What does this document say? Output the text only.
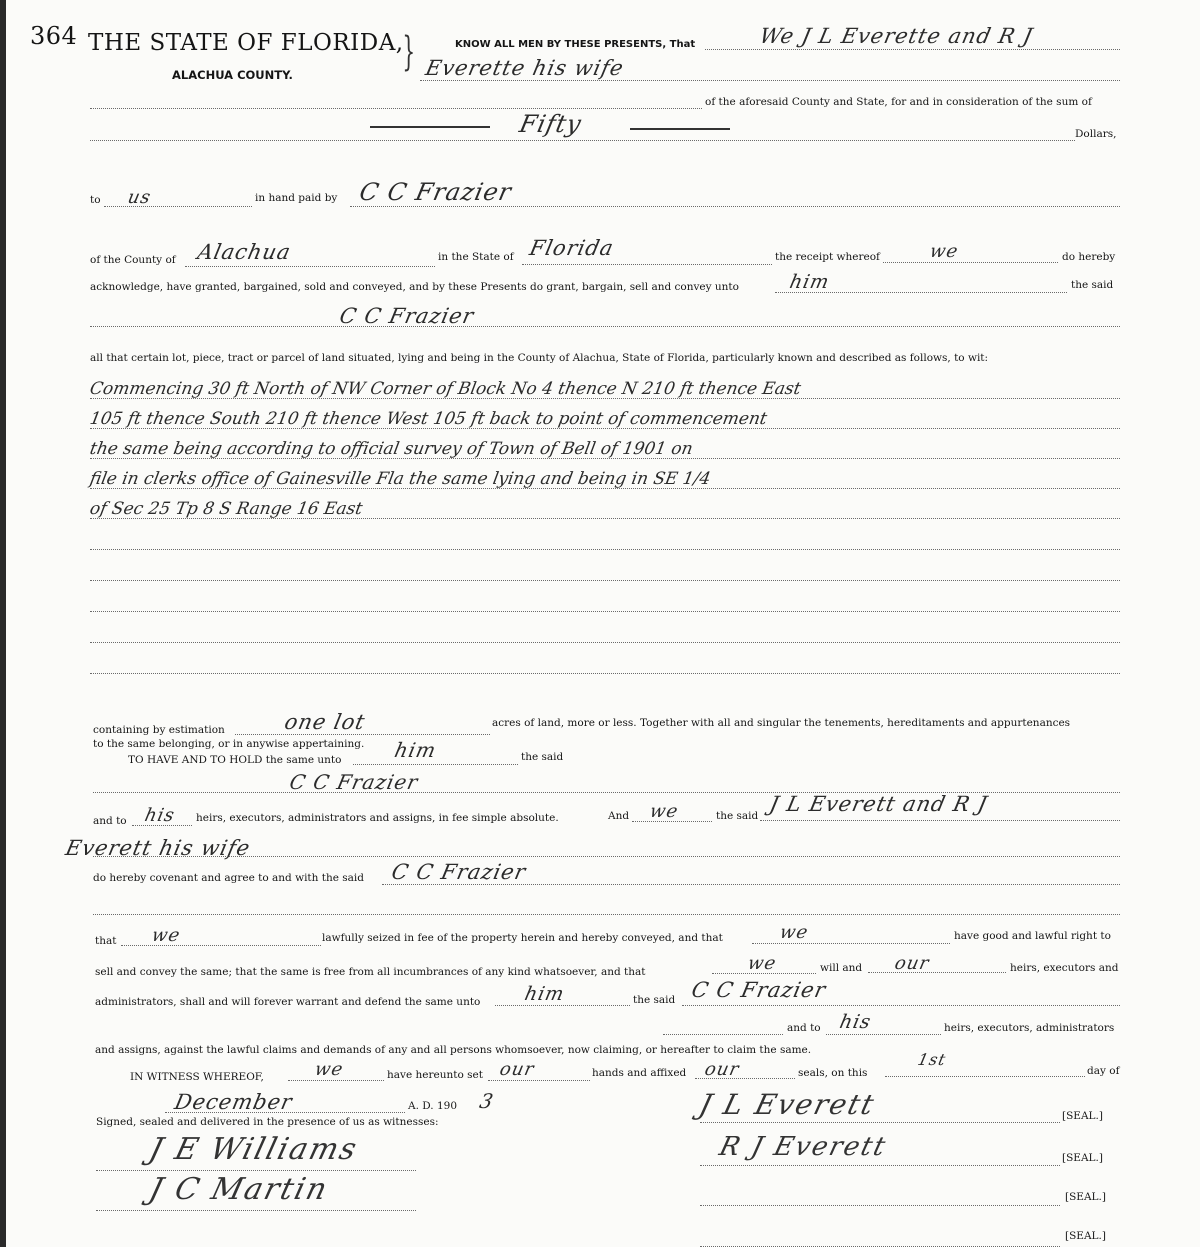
364 THE STATE OF FLORIDA,
ALACHUA COUNTY.	}	KNOW ALL MEN BY THESE PRESENTS, That	We J L Everette and R J
Everette his wife
of the aforesaid County and State, for and in consideration of the sum of
Fifty	Dollars,
to us	in hand paid by C C Frazier
of the County of Alachua	in the State of Florida	the receipt whereof	we	do hereby
acknowledge, have granted, bargained, sold and conveyed, and by these Presents do grant, bargain, sell and convey unto	him	the said
C C Frazier
all that certain lot, piece, tract or parcel of land situated, lying and being in the County of Alachua, State of Florida, particularly known and described as follows, to wit:
Commencing 30 ft North of NW Corner of Block No 4 thence N 210 ft thence East
105 ft thence South 210 ft thence West 105 ft back to point of commencement
the same being according to official survey of Town of Bell of 1901 on
file in clerks office of Gainesville Fla the same lying and being in SE 1/4
of Sec 25 Tp 8 S Range 16 East
containing by estimation	one lot	acres of land, more or less. Together with all and singular the tenements, hereditaments and appurtenances
to the same belonging, or in anywise appertaining.
TO HAVE AND TO HOLD the same unto	him	the said
C C Frazier
and to his heirs, executors, administrators and assigns, in fee simple absolute.	And we	the said J L Everett and R J
Everett his wife
do hereby covenant and agree to and with the said C C Frazier
that we	lawfully seized in fee of the property herein and hereby conveyed, and that	we	have good and lawful right to
sell and convey the same; that the same is free from all incumbrances of any kind whatsoever, and that	we	will and our	heirs, executors and
administrators, shall and will forever warrant and defend the same unto him	the said C C Frazier
and to his	heirs, executors, administrators
and assigns, against the lawful claims and demands of any and all persons whomsoever, now claiming, or hereafter to claim the same.
IN WITNESS WHEREOF,	we	have hereunto set our	hands and affixed our	seals, on this
1st
day of
December	A. D. 190 3
Signed, sealed and delivered in the presence of us as witnesses:
J E Williams
J C Martin
J L Everett	[SEAL.]
R J Everett	[SEAL.]
[SEAL.]
[SEAL.]
